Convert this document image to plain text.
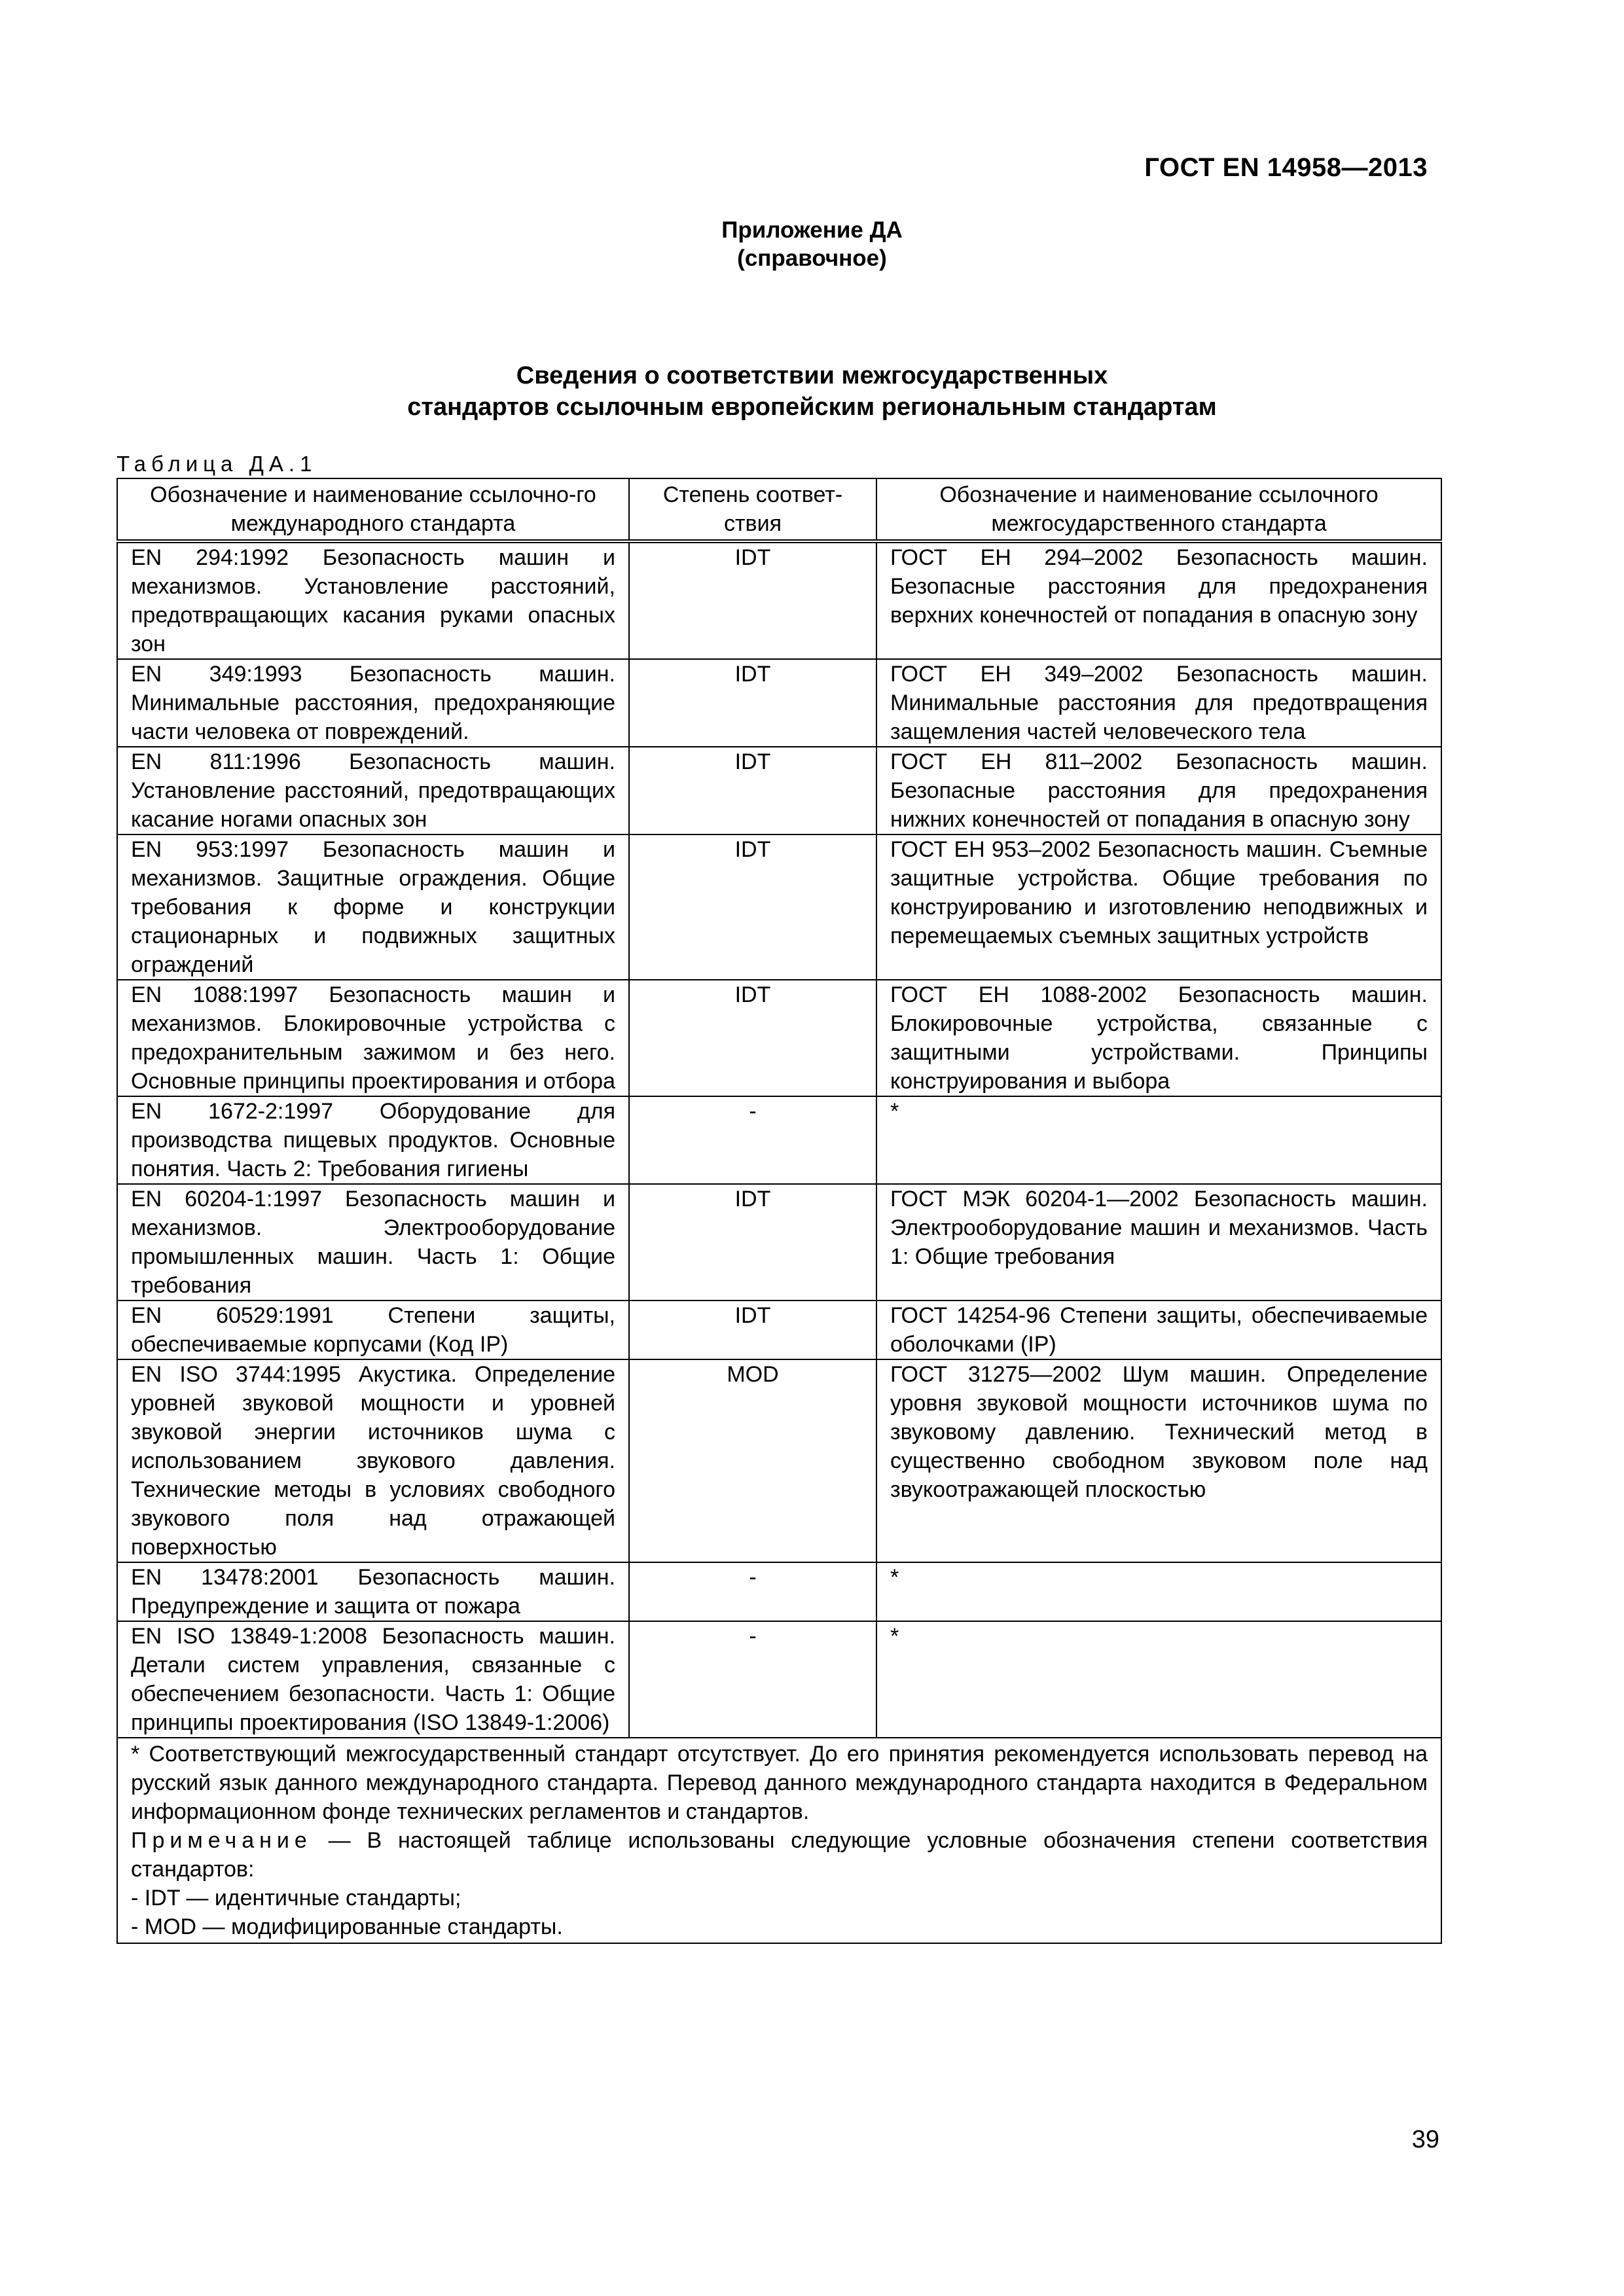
ГОСТ EN 14958—2013
Приложение ДА
(справочное)
Сведения о соответствии межгосударственных
стандартов ссылочным европейским региональным стандартам
Таблица ДА.1
Обозначение и наименование ссылочно-го международного стандарта	Степень соответ-ствия	Обозначение и наименование ссылочного межгосударственного стандарта
EN 294:1992 Безопасность машин и механизмов. Установление расстояний, предотвращающих касания руками опасных зон	IDT	ГОСТ ЕН 294–2002 Безопасность машин. Безопасные расстояния для предохранения верхних конечностей от попадания в опасную зону
EN 349:1993 Безопасность машин. Минимальные расстояния, предохраняющие части человека от повреждений.	IDT	ГОСТ ЕН 349–2002 Безопасность машин. Минимальные расстояния для предотвращения защемления частей человеческого тела
EN 811:1996 Безопасность машин. Установление расстояний, предотвращающих касание ногами опасных зон	IDT	ГОСТ ЕН 811–2002 Безопасность машин. Безопасные расстояния для предохранения нижних конечностей от попадания в опасную зону
EN 953:1997 Безопасность машин и механизмов. Защитные ограждения. Общие требования к форме и конструкции стационарных и подвижных защитных ограждений	IDT	ГОСТ ЕН 953–2002 Безопасность машин. Съемные защитные устройства. Общие требования по конструированию и изготовлению неподвижных и перемещаемых съемных защитных устройств
EN 1088:1997 Безопасность машин и механизмов. Блокировочные устройства с предохранительным зажимом и без него. Основные принципы проектирования и отбора	IDT	ГОСТ ЕН 1088-2002 Безопасность машин. Блокировочные устройства, связанные с защитными устройствами. Принципы конструирования и выбора
EN 1672-2:1997 Оборудование для производства пищевых продуктов. Основные понятия. Часть 2: Требования гигиены	-	*
EN 60204-1:1997 Безопасность машин и механизмов. Электрооборудование промышленных машин. Часть 1: Общие требования	IDT	ГОСТ МЭК 60204-1—2002 Безопасность машин. Электрооборудование машин и механизмов. Часть 1: Общие требования
EN 60529:1991 Степени защиты, обеспечиваемые корпусами (Код IP)	IDT	ГОСТ 14254-96 Степени защиты, обеспечиваемые оболочками (IP)
EN ISO 3744:1995 Акустика. Определение уровней звуковой мощности и уровней звуковой энергии источников шума с использованием звукового давления. Технические методы в условиях свободного звукового поля над отражающей поверхностью	MOD	ГОСТ 31275—2002 Шум машин. Определение уровня звуковой мощности источников шума по звуковому давлению. Технический метод в существенно свободном звуковом поле над звукоотражающей плоскостью
EN 13478:2001 Безопасность машин. Предупреждение и защита от пожара	-	*
EN ISO 13849-1:2008 Безопасность машин. Детали систем управления, связанные с обеспечением безопасности. Часть 1: Общие принципы проектирования (ISO 13849-1:2006)	-	*

* Соответствующий межгосударственный стандарт отсутствует. До его принятия рекомендуется использовать перевод на русский язык данного международного стандарта. Перевод данного международного стандарта находится в Федеральном информационном фонде технических регламентов и стандартов.

Примечание — В настоящей таблице использованы следующие условные обозначения степени соответствия стандартов:

- IDT — идентичные стандарты;

- MOD — модифицированные стандарты.		

39
